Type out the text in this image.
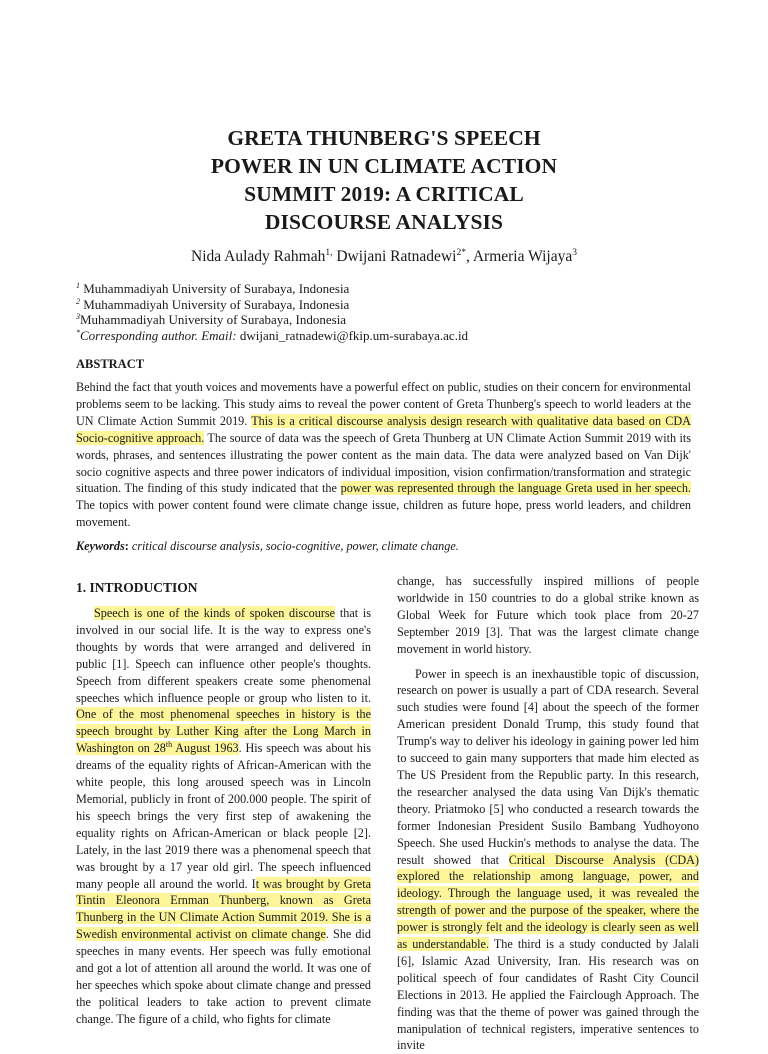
GRETA THUNBERG'S SPEECH
POWER IN UN CLIMATE ACTION
SUMMIT 2019: A CRITICAL
DISCOURSE ANALYSIS
Nida Aulady Rahmah$^{1,}$ Dwijani Ratnadewi$^{2*}$, Armeria Wijaya$^3$
$^1$ Muhammadiyah University of Surabaya, Indonesia
$^2$ Muhammadiyah University of Surabaya, Indonesia
$^3$Muhammadiyah University of Surabaya, Indonesia
*Corresponding author. Email: dwijani_ratnadewi@fkip.um-surabaya.ac.id
ABSTRACT

Behind the fact that youth voices and movements have a powerful effect on public, studies on their concern for environmental problems seem to be lacking. This study aims to reveal the power content of Greta Thunberg's speech to world leaders at the UN Climate Action Summit 2019. This is a critical discourse analysis design research with qualitative data based on CDA Socio-cognitive approach. The source of data was the speech of Greta Thunberg at UN Climate Action Summit 2019 with its words, phrases, and sentences illustrating the power content as the main data. The data were analyzed based on Van Dijk' socio cognitive aspects and three power indicators of individual imposition, vision confirmation/transformation and strategic situation. The finding of this study indicated that the power was represented through the language Greta used in her speech. The topics with power content found were climate change issue, children as future hope, press world leaders, and children movement.

Keywords: critical discourse analysis, socio-cognitive, power, climate change.

1. INTRODUCTION

Speech is one of the kinds of spoken discourse that is involved in our social life. It is the way to express one's thoughts by words that were arranged and delivered in public [1]. Speech can influence other people's thoughts. Speech from different speakers create some phenomenal speeches which influence people or group who listen to it. One of the most phenomenal speeches in history is the speech brought by Luther King after the Long March in Washington on 28th August 1963. His speech was about his dreams of the equality rights of African-American with the white people, this long aroused speech was in Lincoln Memorial, publicly in front of 200.000 people. The spirit of his speech brings the very first step of awakening the equality rights on African-American or black people [2]. Lately, in the last 2019 there was a phenomenal speech that was brought by a 17 year old girl. The speech influenced many people all around the world. It was brought by Greta Tintin Eleonora Ernman Thunberg, known as Greta Thunberg in the UN Climate Action Summit 2019. She is a Swedish environmental activist on climate change. She did speeches in many events. Her speech was fully emotional and got a lot of attention all around the world. It was one of her speeches which spoke about climate change and pressed the political leaders to take action to prevent climate change. The figure of a child, who fights for climate

change, has successfully inspired millions of people worldwide in 150 countries to do a global strike known as Global Week for Future which took place from 20-27 September 2019 [3]. That was the largest climate change movement in world history.

Power in speech is an inexhaustible topic of discussion, research on power is usually a part of CDA research. Several such studies were found [4] about the speech of the former American president Donald Trump, this study found that Trump's way to deliver his ideology in gaining power led him to succeed to gain many supporters that made him elected as The US President from the Republic party. In this research, the researcher analysed the data using Van Dijk's thematic theory. Priatmoko [5] who conducted a research towards the former Indonesian President Susilo Bambang Yudhoyono Speech. She used Huckin's methods to analyse the data. The result showed that Critical Discourse Analysis (CDA) explored the relationship among language, power, and ideology. Through the language used, it was revealed the strength of power and the purpose of the speaker, where the power is strongly felt and the ideology is clearly seen as well as understandable. The third is a study conducted by Jalali [6], Islamic Azad University, Iran. His research was on political speech of four candidates of Rasht City Council Elections in 2013. He applied the Fairclough Approach. The finding was that the theme of power was gained through the manipulation of technical registers, imperative sentences to invite
